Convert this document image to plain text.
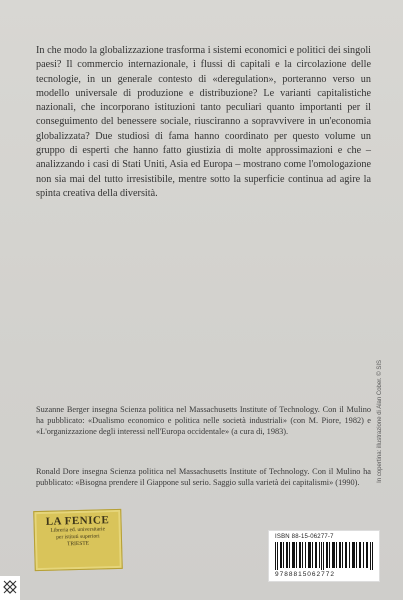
In che modo la globalizzazione trasforma i sistemi economici e politici dei singoli paesi? Il commercio internazionale, i flussi di capitali e la circolazione delle tecnologie, in un generale contesto di «deregulation», porteranno verso un modello universale di produzione e distribuzione? Le varianti capitalistiche nazionali, che incorporano istituzioni tanto peculiari quanto importanti per il conseguimento del benessere sociale, riusciranno a sopravvivere in un'economia globalizzata? Due studiosi di fama hanno coordinato per questo volume un gruppo di esperti che hanno fatto giustizia di molte approssimazioni e che – analizzando i casi di Stati Uniti, Asia ed Europa – mostrano come l'omologazione non sia mai del tutto irresistibile, mentre sotto la superficie continua ad agire la spinta creativa della diversità.

Suzanne Berger insegna Scienza politica nel Massachusetts Institute of Technology. Con il Mulino ha pubblicato: «Dualismo economico e politica nelle società industriali» (con M. Piore, 1982) e «L'organizzazione degli interessi nell'Europa occidentale» (a cura di, 1983).

Ronald Dore insegna Scienza politica nel Massachusetts Institute of Technology. Con il Mulino ha pubblicato: «Bisogna prendere il Giappone sul serio. Saggio sulla varietà dei capitalismi» (1990).	In copertina: illustrazione di Alan Cober. © SIS
LA FENICE
Libreria ed. universitarie
per istituti superiori
TRIESTE
ISBN 88-15-06277-7
9788815062772
